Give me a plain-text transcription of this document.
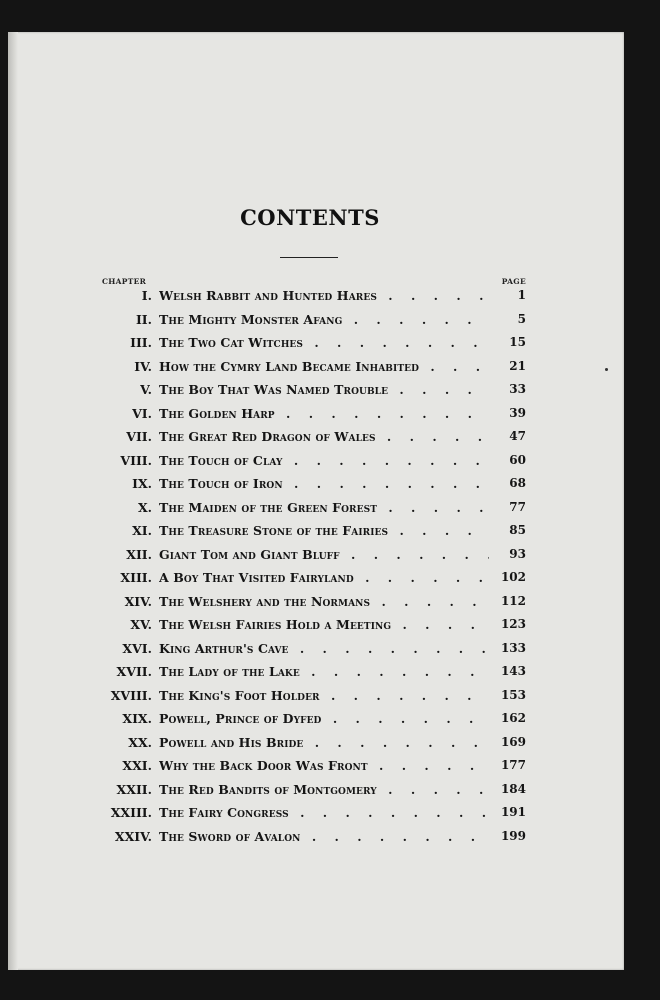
CONTENTS
CHAPTER	PAGE
I. Welsh Rabbit and Hunted Hares . . .	1
II. The Mighty Monster Afang . . .	5
III. The Two Cat Witches . . .	15
IV. How the Cymry Land Became Inhabited . . .	21
V. The Boy That Was Named Trouble . . .	33
VI. The Golden Harp . . .	39
VII. The Great Red Dragon of Wales . . .	47
VIII. The Touch of Clay . . .	60
IX. The Touch of Iron . . .	68
X. The Maiden of the Green Forest . . .	77
XI. The Treasure Stone of the Fairies . . .	85
XII. Giant Tom and Giant Bluff . . .	93
XIII. A Boy That Visited Fairyland . . .	102
XIV. The Welshery and the Normans . . .	112
XV. The Welsh Fairies Hold a Meeting . . .	123
XVI. King Arthur's Cave . . .	133
XVII. The Lady of the Lake . . .	143
XVIII. The King's Foot Holder . . .	153
XIX. Powell, Prince of Dyfed . . .	162
XX. Powell and His Bride . . .	169
XXI. Why the Back Door Was Front . . .	177
XXII. The Red Bandits of Montgomery . . .	184
XXIII. The Fairy Congress . . .	191
XXIV. The Sword of Avalon . . .	199
